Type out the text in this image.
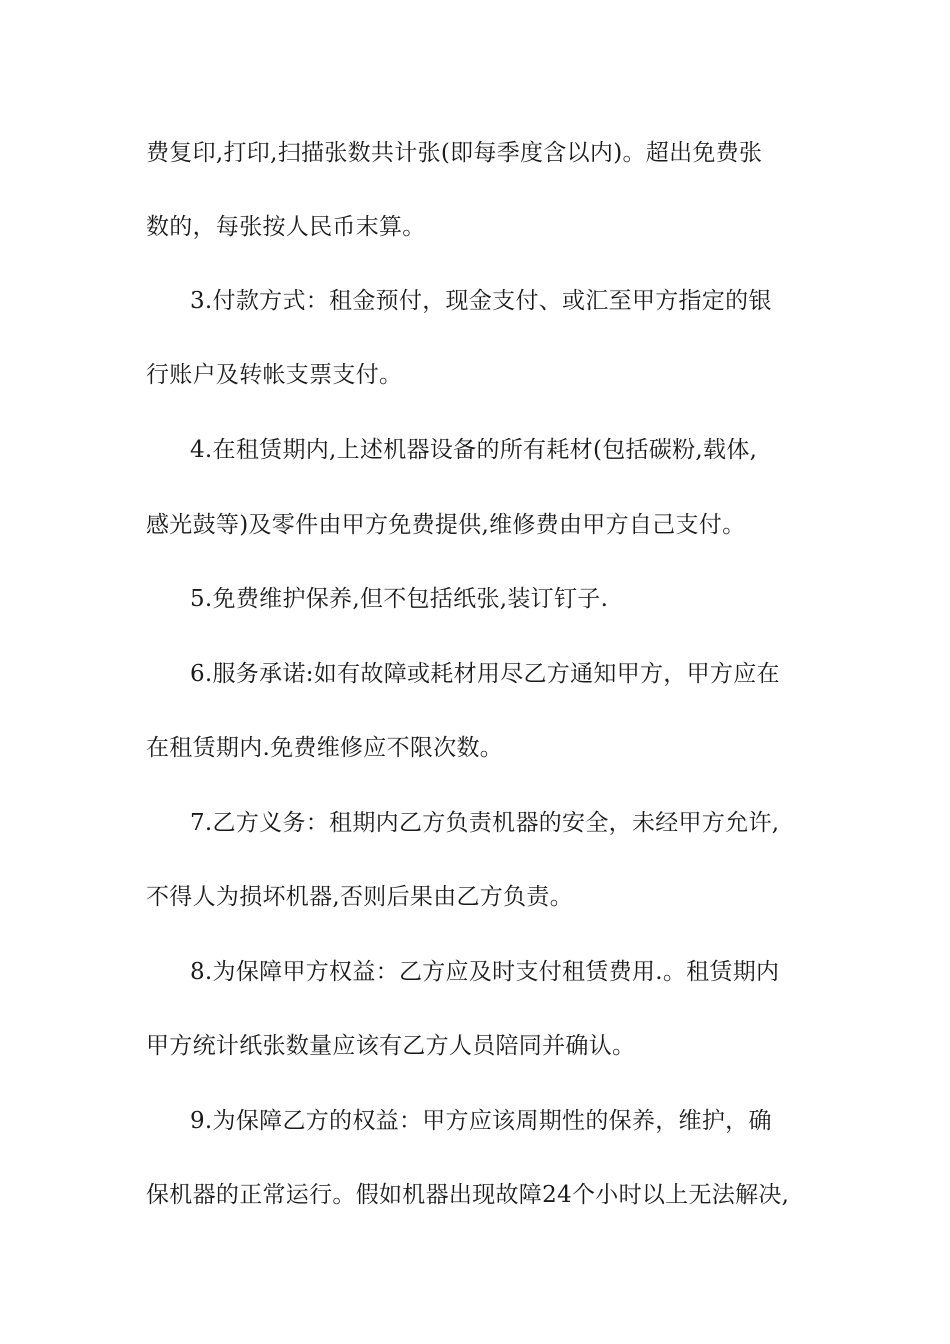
费复印,打印,扫描张数共计张(即每季度含以内)。超出免费张
数的，每张按人民币末算。
3.付款方式：租金预付，现金支付、或汇至甲方指定的银
行账户及转帐支票支付。
4.在租赁期内,上述机器设备的所有耗材(包括碳粉,载体,
感光鼓等)及零件由甲方免费提供,维修费由甲方自己支付。
5.免费维护保养,但不包括纸张,装订钉子.
6.服务承诺:如有故障或耗材用尽乙方通知甲方，甲方应在
在租赁期内.免费维修应不限次数。
7.乙方义务：租期内乙方负责机器的安全，未经甲方允许,
不得人为损坏机器,否则后果由乙方负责。
8.为保障甲方权益：乙方应及时支付租赁费用.。租赁期内
甲方统计纸张数量应该有乙方人员陪同并确认。
9.为保障乙方的权益：甲方应该周期性的保养，维护，确
保机器的正常运行。假如机器出现故障24个小时以上无法解决,
